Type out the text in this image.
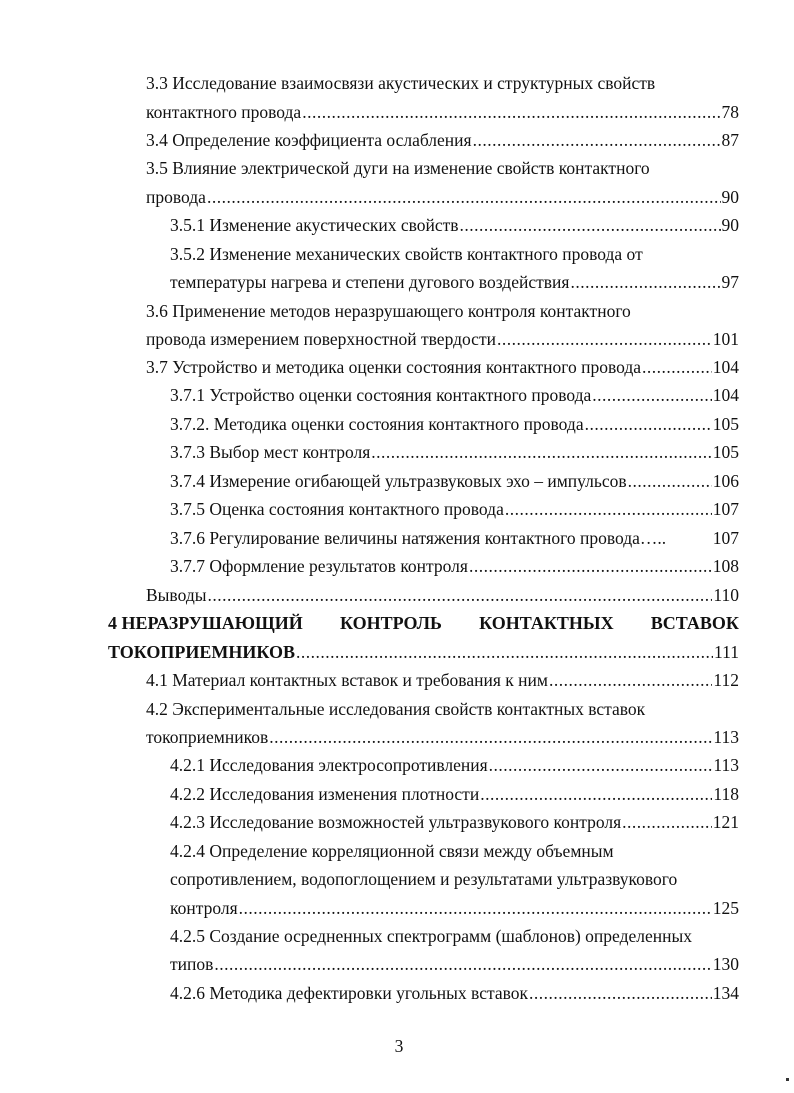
3.3 Исследование взаимосвязи акустических и структурных свойств
контактного провода .....	78
3.4 Определение коэффициента ослабления .....	87
3.5 Влияние электрической дуги на изменение свойств контактного
провода .....	90
3.5.1 Изменение акустических свойств .....	90
3.5.2 Изменение механических свойств контактного провода от
температуры нагрева и степени дугового воздействия .....	97
3.6 Применение методов неразрушающего контроля контактного
провода измерением поверхностной твердости .....	101
3.7 Устройство и методика оценки состояния контактного провода .....	104
3.7.1 Устройство оценки состояния контактного провода .....	104
3.7.2. Методика оценки состояния контактного провода .....	105
3.7.3 Выбор мест контроля .....	105
3.7.4 Измерение огибающей ультразвуковых эхо – импульсов .....	106
3.7.5 Оценка состояния контактного провода .....	107
3.7.6 Регулирование величины натяжения контактного провода…..	107
3.7.7 Оформление результатов контроля .....	108
Выводы .....	110
4 НЕРАЗРУШАЮЩИЙ КОНТРОЛЬ КОНТАКТНЫХ ВСТАВОК
ТОКОПРИЕМНИКОВ .....	111
4.1 Материал контактных вставок и требования к ним .....	112
4.2 Экспериментальные исследования свойств контактных вставок
токоприемников .....	113
4.2.1 Исследования электросопротивления .....	113
4.2.2 Исследования изменения плотности .....	118
4.2.3 Исследование возможностей ультразвукового контроля .....	121
4.2.4 Определение корреляционной связи между объемным
сопротивлением, водопоглощением и результатами ультразвукового
контроля .....	125
4.2.5 Создание осредненных спектрограмм (шаблонов) определенных
типов .....	130
4.2.6 Методика дефектировки угольных вставок .....	134
3
